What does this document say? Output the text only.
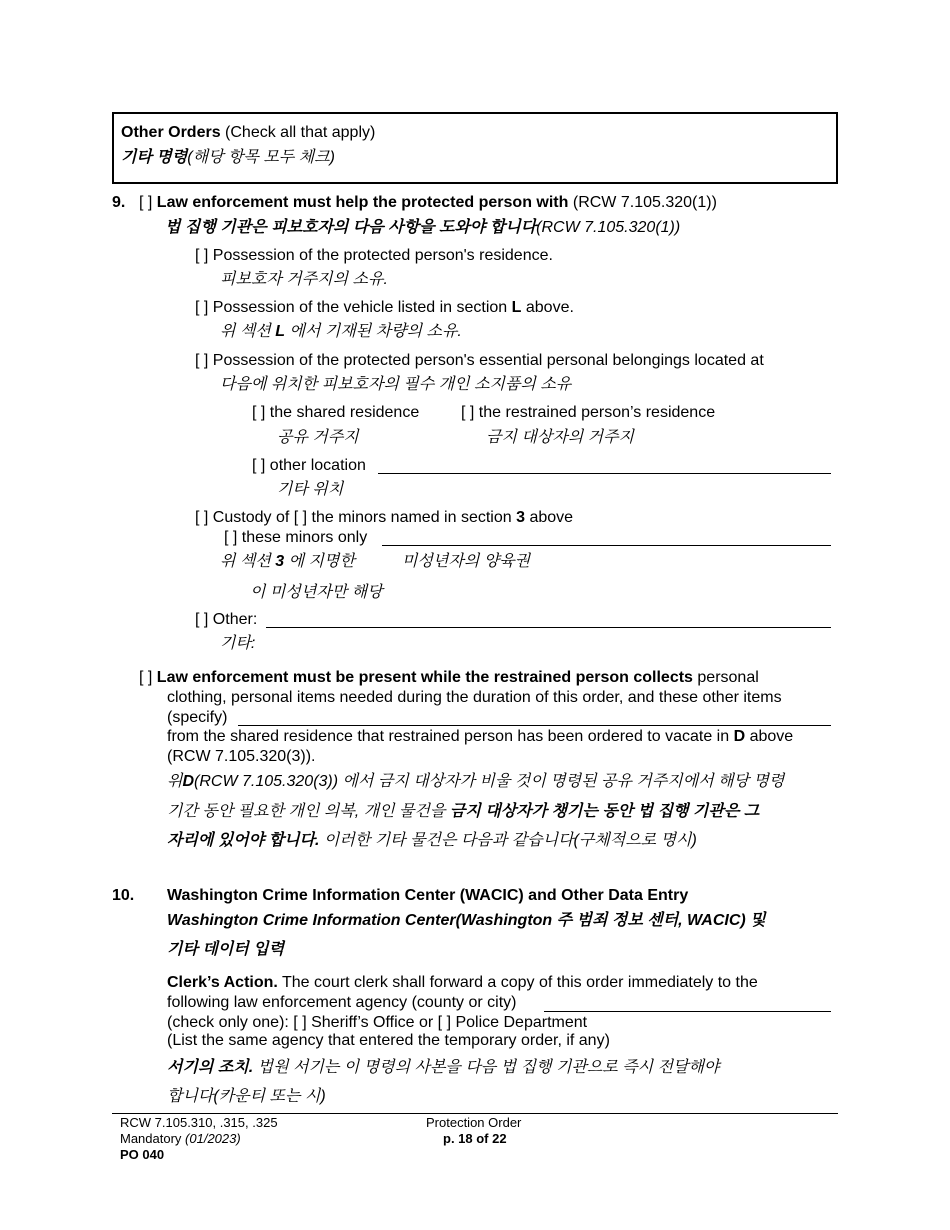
Other Orders (Check all that apply)
기타 명령(해당 항목 모두 체크)
9. [ ] Law enforcement must help the protected person with (RCW 7.105.320(1))
법 집행 기관은 피보호자의 다음 사항을 도와야 합니다(RCW 7.105.320(1))
[ ] Possession of the protected person's residence.
피보호자 거주지의 소유.
[ ] Possession of the vehicle listed in section L above.
위 섹션 L 에서 기재된 차량의 소유.
[ ] Possession of the protected person's essential personal belongings located at
다음에 위치한 피보호자의 필수 개인 소지품의 소유
[ ] the shared residence	[ ] the restrained person’s residence
공유 거주지	금지 대상자의 거주지
[ ] other location
기타 위치
[ ] Custody of [ ] the minors named in section 3 above
[ ] these minors only
위 섹션 3 에 지명한	미성년자의 양육권
이 미성년자만 해당
[ ] Other:
기타:
[ ] Law enforcement must be present while the restrained person collects personal
clothing, personal items needed during the duration of this order, and these other items
(specify)
from the shared residence that restrained person has been ordered to vacate in D above
(RCW 7.105.320(3)).
위D(RCW 7.105.320(3)) 에서 금지 대상자가 비울 것이 명령된 공유 거주지에서 해당 명령
기간 동안 필요한 개인 의복, 개인 물건을 금지 대상자가 챙기는 동안 법 집행 기관은 그
자리에 있어야 합니다. 이러한 기타 물건은 다음과 같습니다(구체적으로 명시)
10. Washington Crime Information Center (WACIC) and Other Data Entry
Washington Crime Information Center(Washington 주 범죄 정보 센터, WACIC) 및
기타 데이터 입력
Clerk’s Action. The court clerk shall forward a copy of this order immediately to the
following law enforcement agency (county or city)
(check only one): [ ] Sheriff’s Office or [ ] Police Department
(List the same agency that entered the temporary order, if any)
서기의 조치. 법원 서기는 이 명령의 사본을 다음 법 집행 기관으로 즉시 전달해야
합니다(카운티 또는 시)
RCW 7.105.310, .315, .325
Mandatory (01/2023)
PO 040
Protection Order
p. 18 of 22
